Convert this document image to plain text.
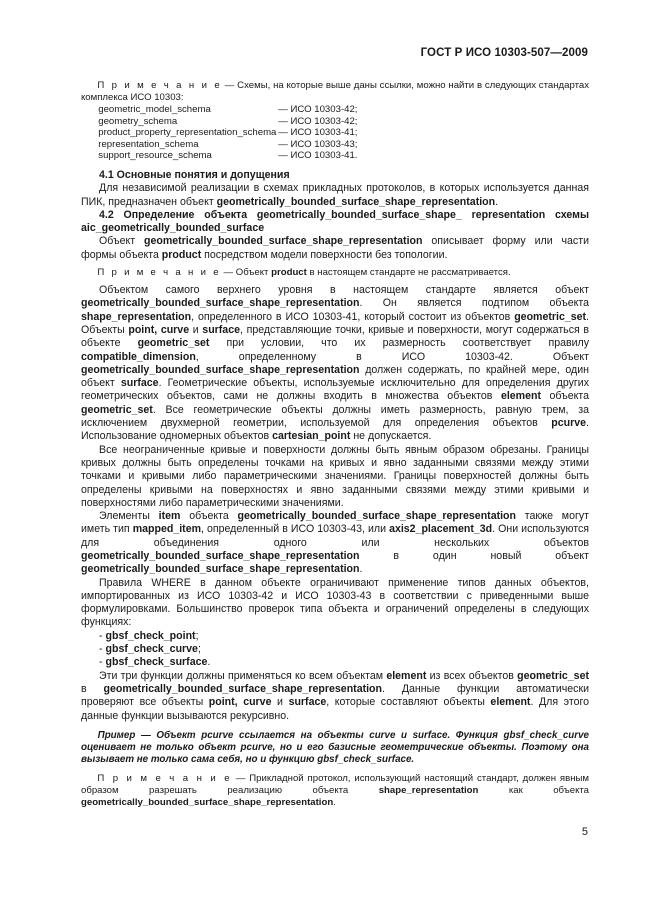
ГОСТ Р ИСО 10303-507—2009

П р и м е ч а н и е — Схемы, на которые выше даны ссылки, можно найти в следующих стандартах комплекса ИСО 10303:

geometric_model_schema	— ИСО 10303-42;
geometry_schema	— ИСО 10303-42;
product_property_representation_schema	— ИСО 10303-41;
representation_schema	— ИСО 10303-43;
support_resource_schema	— ИСО 10303-41.

4.1 Основные понятия и допущения

Для независимой реализации в схемах прикладных протоколов, в которых используется данная ПИК, предназначен объект geometrically_bounded_surface_shape_representation.

4.2 Определение объекта geometrically_bounded_surface_shape_ representation схемы aic_geometrically_bounded_surface

Объект geometrically_bounded_surface_shape_representation описывает форму или части формы объекта product посредством модели поверхности без топологии.

П р и м е ч а н и е — Объект product в настоящем стандарте не рассматривается.

Объектом самого верхнего уровня в настоящем стандарте является объект geometrically_bounded_surface_shape_representation. Он является подтипом объекта shape_representation, определенного в ИСО 10303-41, который состоит из объектов geometric_set. Объекты point, curve и surface, представляющие точки, кривые и поверхности, могут содержаться в объекте geometric_set при условии, что их размерность соответствует правилу compatible_dimension, определенному в ИСО 10303-42. Объект geometrically_bounded_surface_shape_representation должен содержать, по крайней мере, один объект surface. Геометрические объекты, используемые исключительно для определения других геометрических объектов, сами не должны входить в множества объектов element объекта geometric_set. Все геометрические объекты должны иметь размерность, равную трем, за исключением двухмерной геометрии, используемой для определения объектов pcurve. Использование одномерных объектов cartesian_point не допускается.

Все неограниченные кривые и поверхности должны быть явным образом обрезаны. Границы кривых должны быть определены точками на кривых и явно заданными связями между этими точками и кривыми либо параметрическими значениями. Границы поверхностей должны быть определены кривыми на поверхностях и явно заданными связями между этими кривыми и поверхностями либо параметрическими значениями.

Элементы item объекта geometrically_bounded_surface_shape_representation также могут иметь тип mapped_item, определенный в ИСО 10303-43, или axis2_placement_3d. Они используются для объединения одного или нескольких объектов geometrically_bounded_surface_shape_representation в один новый объект geometrically_bounded_surface_shape_representation.

Правила WHERE в данном объекте ограничивают применение типов данных объектов, импортированных из ИСО 10303-42 и ИСО 10303-43 в соответствии с приведенными выше формулировками. Большинство проверок типа объекта и ограничений определены в следующих функциях:

- gbsf_check_point;
- gbsf_check_curve;
- gbsf_check_surface.

Эти три функции должны применяться ко всем объектам element из всех объектов geometric_set в geometrically_bounded_surface_shape_representation. Данные функции автоматически проверяют все объекты point, curve и surface, которые составляют объекты element. Для этого данные функции вызываются рекурсивно.

Пример — Объект pcurve ссылается на объекты curve и surface. Функция gbsf_check_curve оценивает не только объект pcurve, но и его базисные геометрические объекты. Поэтому она вызывает не только сама себя, но и функцию gbsf_check_surface.

П р и м е ч а н и е — Прикладной протокол, использующий настоящий стандарт, должен явным образом разрешать реализацию объекта shape_representation как объекта geometrically_bounded_surface_shape_representation.

5
